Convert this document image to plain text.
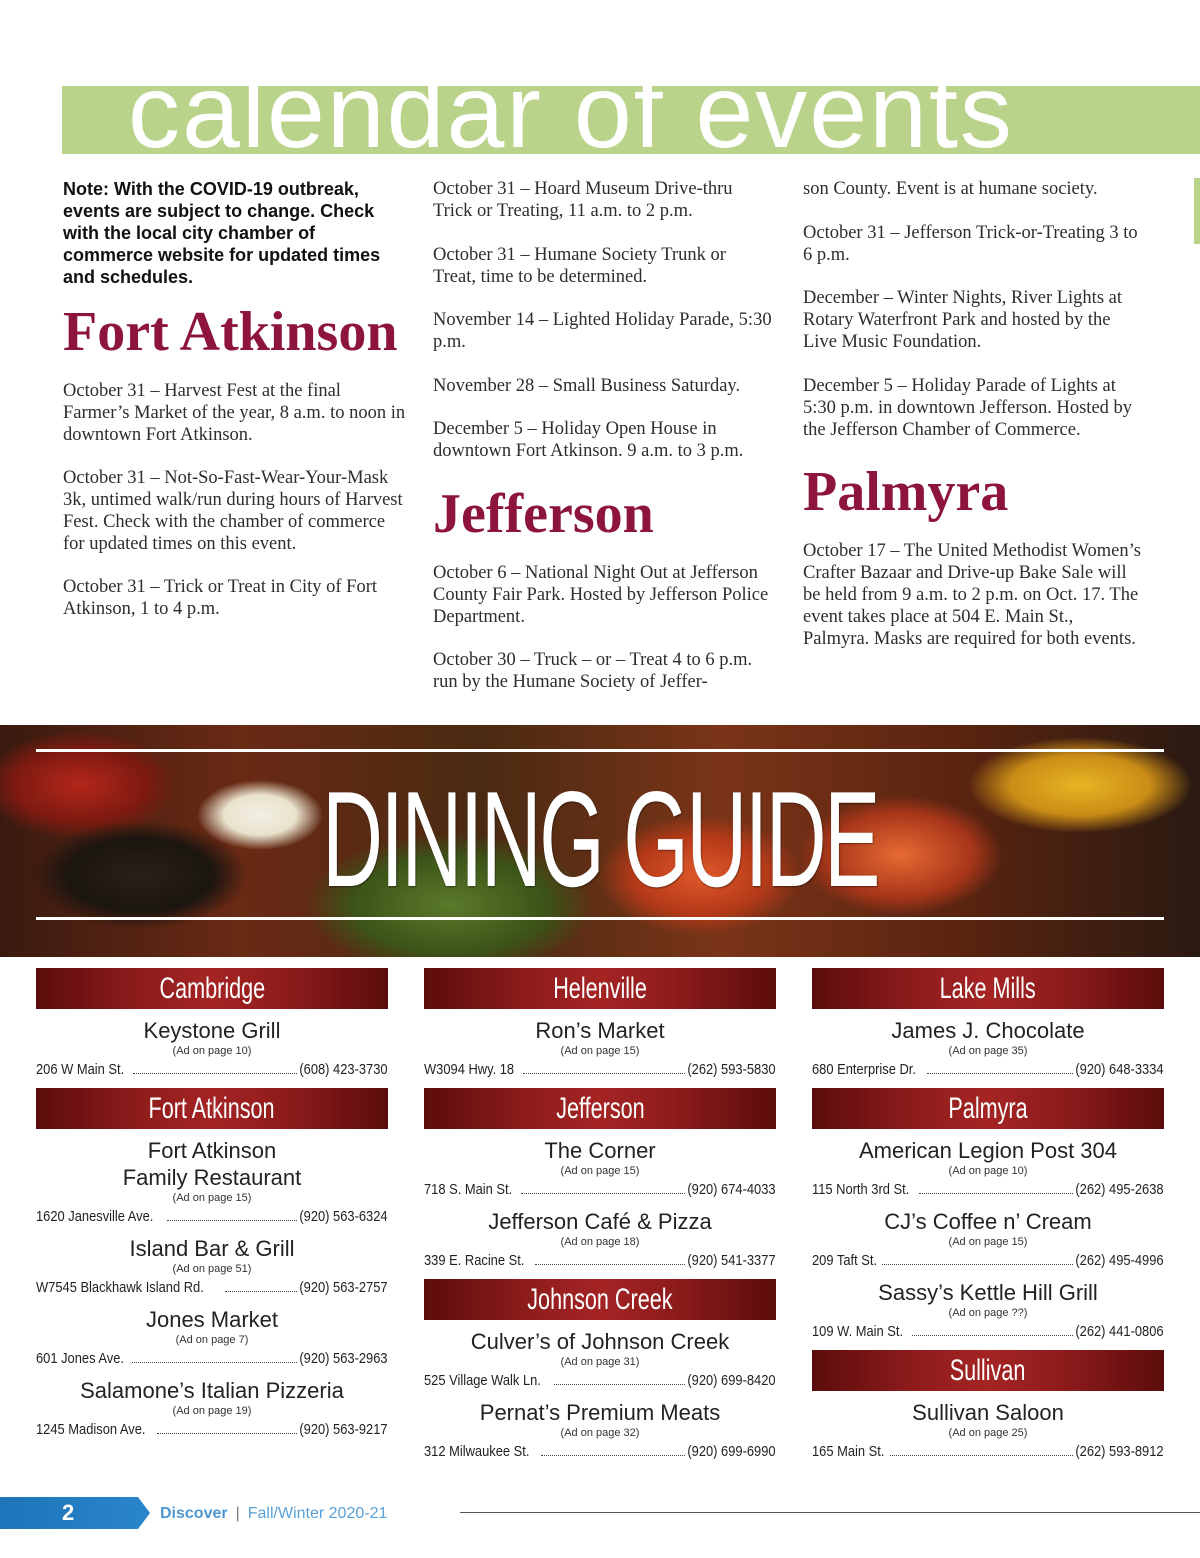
calendar of events

Note: With the COVID-19 outbreak, events are subject to change. Check with the local city chamber of commerce website for updated times and schedules.

Fort Atkinson

October 31 – Harvest Fest at the final Farmer’s Market of the year, 8 a.m. to noon in downtown Fort Atkinson.

October 31 – Not-So-Fast-Wear-Your-Mask 3k, untimed walk/run during hours of Harvest Fest. Check with the chamber of commerce for updated times on this event.

October 31 – Trick or Treat in City of Fort Atkinson, 1 to 4 p.m.

October 31 – Hoard Museum Drive-thru Trick or Treating, 11 a.m. to 2 p.m.

October 31 – Humane Society Trunk or Treat, time to be determined.

November 14 – Lighted Holiday Parade, 5:30 p.m.

November 28 – Small Business Saturday.

December 5 – Holiday Open House in downtown Fort Atkinson. 9 a.m. to 3 p.m.

Jefferson

October 6 – National Night Out at Jefferson County Fair Park. Hosted by Jefferson Police Department.

October 30 – Truck – or – Treat 4 to 6 p.m. run by the Humane Society of Jeffer-

son County. Event is at humane society.

October 31 – Jefferson Trick-or-Treating 3 to 6 p.m.

December – Winter Nights, River Lights at Rotary Waterfront Park and hosted by the Live Music Foundation.

December 5 – Holiday Parade of Lights at 5:30 p.m. in downtown Jefferson. Hosted by the Jefferson Chamber of Commerce.

Palmyra

October 17 – The United Methodist Women’s Crafter Bazaar and Drive-up Bake Sale will be held from 9 a.m. to 2 p.m. on Oct. 17. The event takes place at 504 E. Main St., Palmyra. Masks are required for both events.

DINING GUIDE
Cambridge
Keystone Grill
(Ad on page 10)
206 W Main St.	(608) 423-3730
Fort Atkinson
Fort Atkinson
Family Restaurant
(Ad on page 15)
1620 Janesville Ave.	(920) 563-6324
Island Bar & Grill
(Ad on page 51)
W7545 Blackhawk Island Rd.	(920) 563-2757
Jones Market
(Ad on page 7)
601 Jones Ave.	(920) 563-2963
Salamone’s Italian Pizzeria
(Ad on page 19)
1245 Madison Ave.	(920) 563-9217
Helenville
Ron’s Market
(Ad on page 15)
W3094 Hwy. 18	(262) 593-5830
Jefferson
The Corner
(Ad on page 15)
718 S. Main St.	(920) 674-4033
Jefferson Café & Pizza
(Ad on page 18)
339 E. Racine St.	(920) 541-3377
Johnson Creek
Culver’s of Johnson Creek
(Ad on page 31)
525 Village Walk Ln.	(920) 699-8420
Pernat’s Premium Meats
(Ad on page 32)
312 Milwaukee St.	(920) 699-6990
Lake Mills
James J. Chocolate
(Ad on page 35)
680 Enterprise Dr.	(920) 648-3334
Palmyra
American Legion Post 304
(Ad on page 10)
115 North 3rd St.	(262) 495-2638
CJ’s Coffee n’ Cream
(Ad on page 15)
209 Taft St.	(262) 495-4996
Sassy’s Kettle Hill Grill
(Ad on page ??)
109 W. Main St.	(262) 441-0806
Sullivan
Sullivan Saloon
(Ad on page 25)
165 Main St.	(262) 593-8912
2	Discover | Fall/Winter 2020-21
